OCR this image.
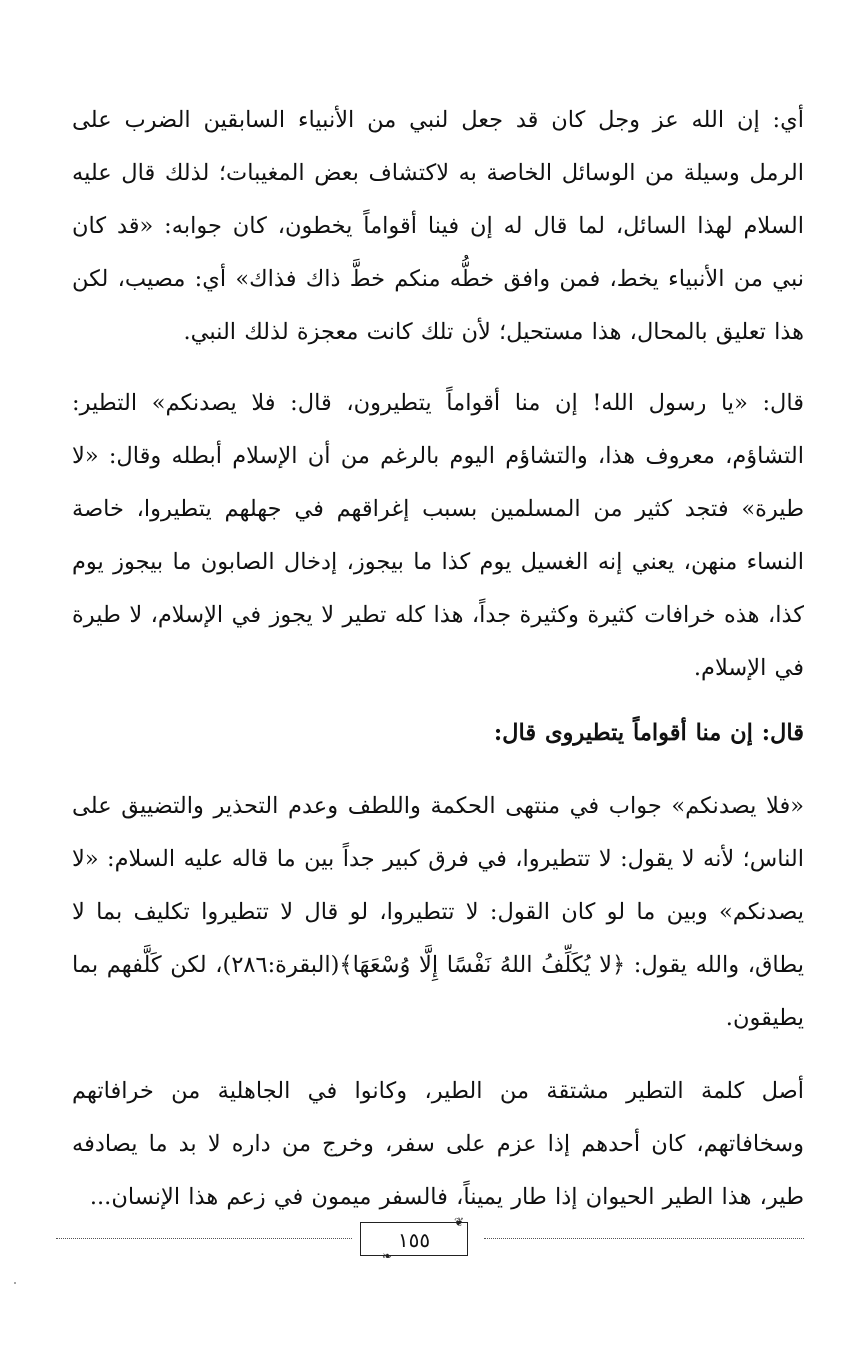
أي: إن الله عز وجل كان قد جعل لنبي من الأنبياء السابقين الضرب على الرمل وسيلة من الوسائل الخاصة به لاكتشاف بعض المغيبات؛ لذلك قال عليه السلام لهذا السائل، لما قال له إن فينا أقواماً يخطون، كان جوابه: «قد كان نبي من الأنبياء يخط، فمن وافق خطُّه منكم خطَّ ذاك فذاك» أي: مصيب، لكن هذا تعليق بالمحال، هذا مستحيل؛ لأن تلك كانت معجزة لذلك النبي.

قال: «يا رسول الله! إن منا أقواماً يتطيرون، قال: فلا يصدنكم» التطير: التشاؤم، معروف هذا، والتشاؤم اليوم بالرغم من أن الإسلام أبطله وقال: «لا طيرة» فتجد كثير من المسلمين بسبب إغراقهم في جهلهم يتطيروا، خاصة النساء منهن، يعني إنه الغسيل يوم كذا ما بيجوز، إدخال الصابون ما بيجوز يوم كذا، هذه خرافات كثيرة وكثيرة جداً، هذا كله تطير لا يجوز في الإسلام، لا طيرة في الإسلام.

قال: إن منا أقواماً يتطيروى قال:

«فلا يصدنكم» جواب في منتهى الحكمة واللطف وعدم التحذير والتضييق على الناس؛ لأنه لا يقول: لا تتطيروا، في فرق كبير جداً بين ما قاله عليه السلام: «لا يصدنكم» وبين ما لو كان القول: لا تتطيروا، لو قال لا تتطيروا تكليف بما لا يطاق، والله يقول: ﴿لا يُكَلِّفُ اللهُ نَفْسًا إِلَّا وُسْعَهَا﴾(البقرة:٢٨٦)، لكن كَلَّفهم بما يطيقون.

أصل كلمة التطير مشتقة من الطير، وكانوا في الجاهلية من خرافاتهم وسخافاتهم، كان أحدهم إذا عزم على سفر، وخرج من داره لا بد ما يصادفه طير، هذا الطير الحيوان إذا طار يميناً، فالسفر ميمون في زعم هذا الإنسان...

❦
❧
١٥٥
